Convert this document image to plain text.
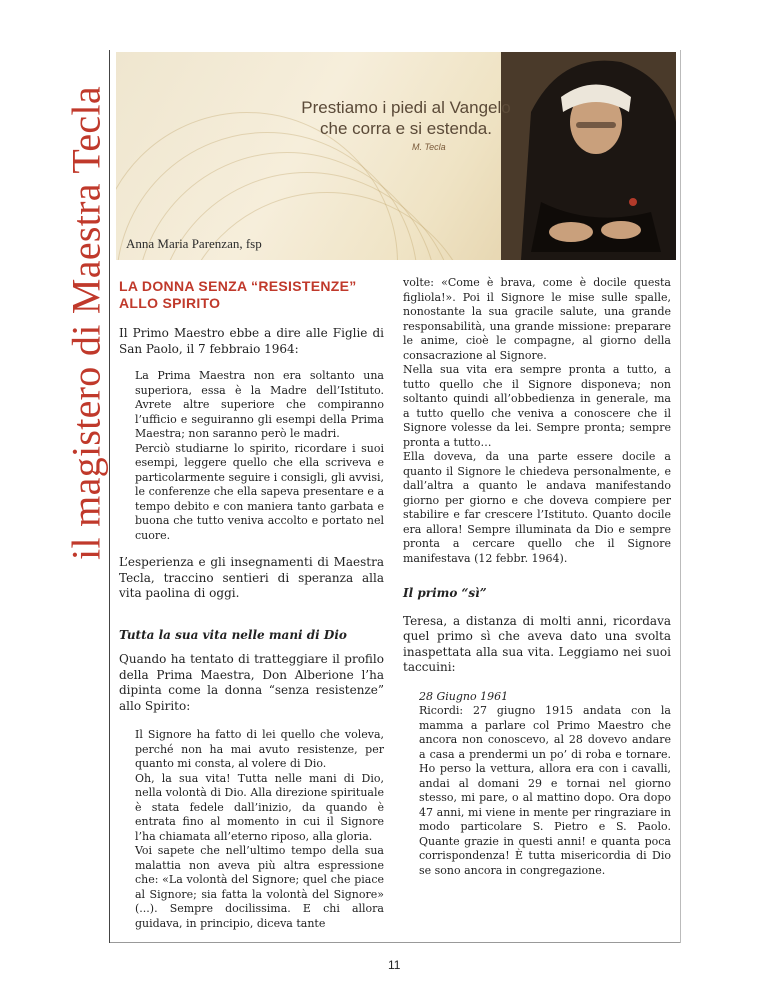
il magistero di Maestra Tecla	Prestiamo i piedi al Vangelo
che corra e si estenda.
M. Tecla
Anna Maria Parenzan, fsp

LA DONNA SENZA “RESISTENZE”
ALLO SPIRITO

Il Primo Maestro ebbe a dire alle Figlie di San Paolo, il 7 febbraio 1964:

La Prima Maestra non era soltanto una superiora, essa è la Madre dell’Istituto. Avrete altre superiore che compiranno l’ufficio e seguiranno gli esempi della Prima Maestra; non saranno però le madri.

Perciò studiarne lo spirito, ricordare i suoi esempi, leggere quello che ella scriveva e particolarmente seguire i consigli, gli avvisi, le conferenze che ella sapeva presentare e a tempo debito e con maniera tanto garbata e buona che tutto veniva accolto e portato nel cuore.

L’esperienza e gli insegnamenti di Maestra Tecla, traccino sentieri di speranza alla vita paolina di oggi.

Tutta la sua vita nelle mani di Dio

Quando ha tentato di tratteggiare il profilo della Prima Maestra, Don Alberione l’ha dipinta come la donna “senza resistenze” allo Spirito:

Il Signore ha fatto di lei quello che voleva, perché non ha mai avuto resistenze, per quanto mi consta, al volere di Dio.

Oh, la sua vita! Tutta nelle mani di Dio, nella volontà di Dio. Alla direzione spirituale è stata fedele dall’inizio, da quando è entrata fino al momento in cui il Signore l’ha chiamata all’eterno riposo, alla gloria.

Voi sapete che nell’ultimo tempo della sua malattia non aveva più altra espressione che: «La volontà del Signore; quel che piace al Signore; sia fatta la volontà del Signore» (...). Sempre docilissima. E chi allora guidava, in principio, diceva tante

volte: «Come è brava, come è docile questa figliola!». Poi il Signore le mise sulle spalle, nonostante la sua gracile salute, una grande responsabilità, una grande missione: preparare le anime, cioè le compagne, al giorno della consacrazione al Signore.

Nella sua vita era sempre pronta a tutto, a tutto quello che il Signore disponeva; non soltanto quindi all’obbedienza in generale, ma a tutto quello che veniva a conoscere che il Signore volesse da lei. Sempre pronta; sempre pronta a tutto…

Ella doveva, da una parte essere docile a quanto il Signore le chiedeva personalmente, e dall’altra a quanto le andava manifestando giorno per giorno e che doveva compiere per stabilire e far crescere l’Istituto. Quanto docile era allora! Sempre illuminata da Dio e sempre pronta a cercare quello che il Signore manifestava (12 febbr. 1964).

Il primo “sì”

Teresa, a distanza di molti anni, ricordava quel primo sì che aveva dato una svolta inaspettata alla sua vita. Leggiamo nei suoi taccuini:

28 Giugno 1961

Ricordi: 27 giugno 1915 andata con la mamma a parlare col Primo Maestro che ancora non conoscevo, al 28 dovevo andare a casa a prendermi un po’ di roba e tornare. Ho perso la vettura, allora era con i cavalli, andai al domani 29 e tornai nel giorno stesso, mi pare, o al mattino dopo. Ora dopo 47 anni, mi viene in mente per ringraziare in modo particolare S. Pietro e S. Paolo. Quante grazie in questi anni! e quanta poca corrispondenza! È tutta misericordia di Dio se sono ancora in congregazione.

11
